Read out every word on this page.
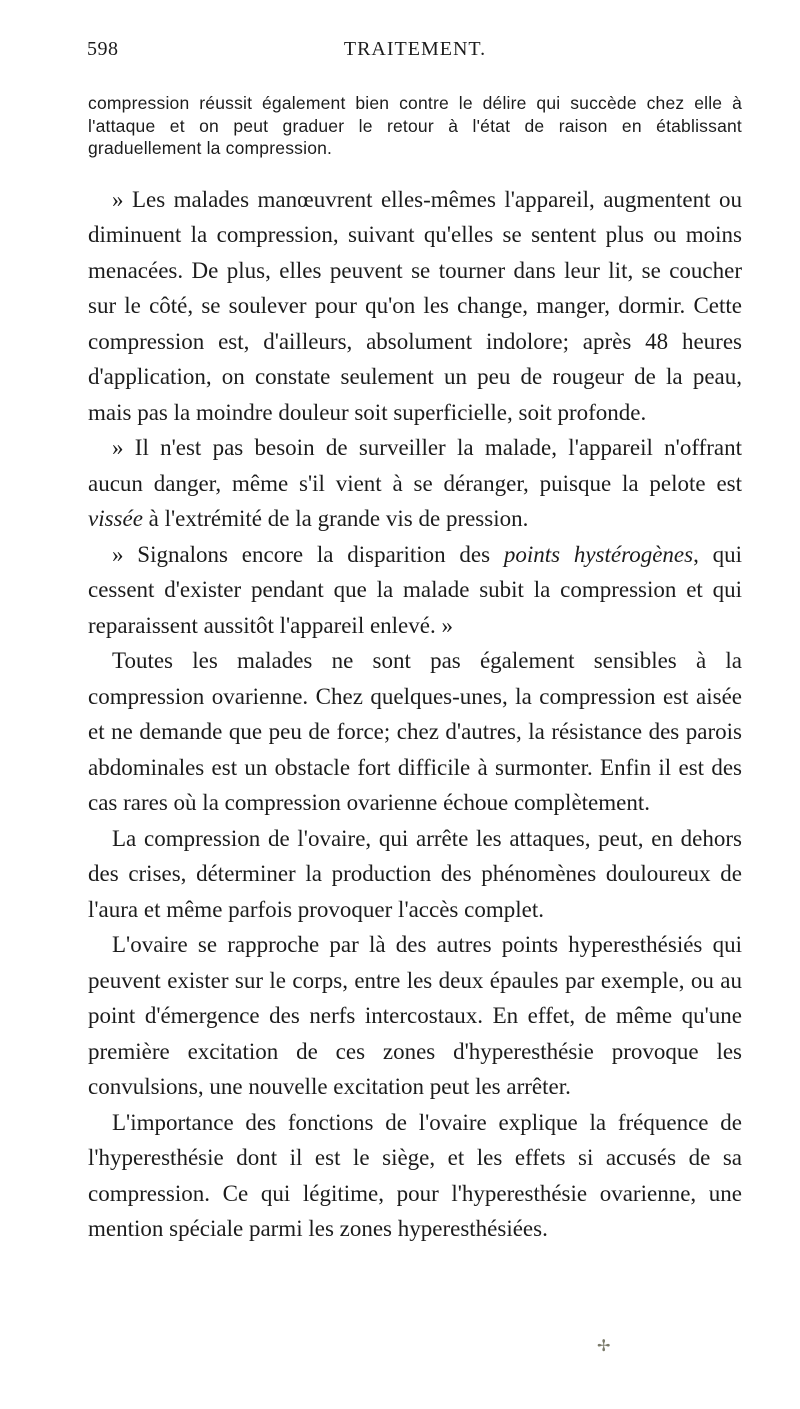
598	TRAITEMENT.

compression réussit également bien contre le délire qui succède chez elle à l'attaque et on peut graduer le retour à l'état de raison en établissant graduellement la compression.

» Les malades manœuvrent elles-mêmes l'appareil, augmentent ou diminuent la compression, suivant qu'elles se sentent plus ou moins menacées. De plus, elles peuvent se tourner dans leur lit, se coucher sur le côté, se soulever pour qu'on les change, manger, dormir. Cette compression est, d'ailleurs, absolument indolore; après 48 heures d'application, on constate seulement un peu de rougeur de la peau, mais pas la moindre douleur soit superficielle, soit profonde.

» Il n'est pas besoin de surveiller la malade, l'appareil n'offrant aucun danger, même s'il vient à se déranger, puisque la pelote est vissée à l'extrémité de la grande vis de pression.

» Signalons encore la disparition des points hystérogènes, qui cessent d'exister pendant que la malade subit la compression et qui reparaissent aussitôt l'appareil enlevé. »

Toutes les malades ne sont pas également sensibles à la compression ovarienne. Chez quelques-unes, la compression est aisée et ne demande que peu de force; chez d'autres, la résistance des parois abdominales est un obstacle fort difficile à surmonter. Enfin il est des cas rares où la compression ovarienne échoue complètement.

La compression de l'ovaire, qui arrête les attaques, peut, en dehors des crises, déterminer la production des phénomènes douloureux de l'aura et même parfois provoquer l'accès complet.

L'ovaire se rapproche par là des autres points hyperesthésiés qui peuvent exister sur le corps, entre les deux épaules par exemple, ou au point d'émergence des nerfs intercostaux. En effet, de même qu'une première excitation de ces zones d'hyperesthésie provoque les convulsions, une nouvelle excitation peut les arrêter.

L'importance des fonctions de l'ovaire explique la fréquence de l'hyperesthésie dont il est le siège, et les effets si accusés de sa compression. Ce qui légitime, pour l'hyperesthésie ovarienne, une mention spéciale parmi les zones hyperesthésiées.

✢
